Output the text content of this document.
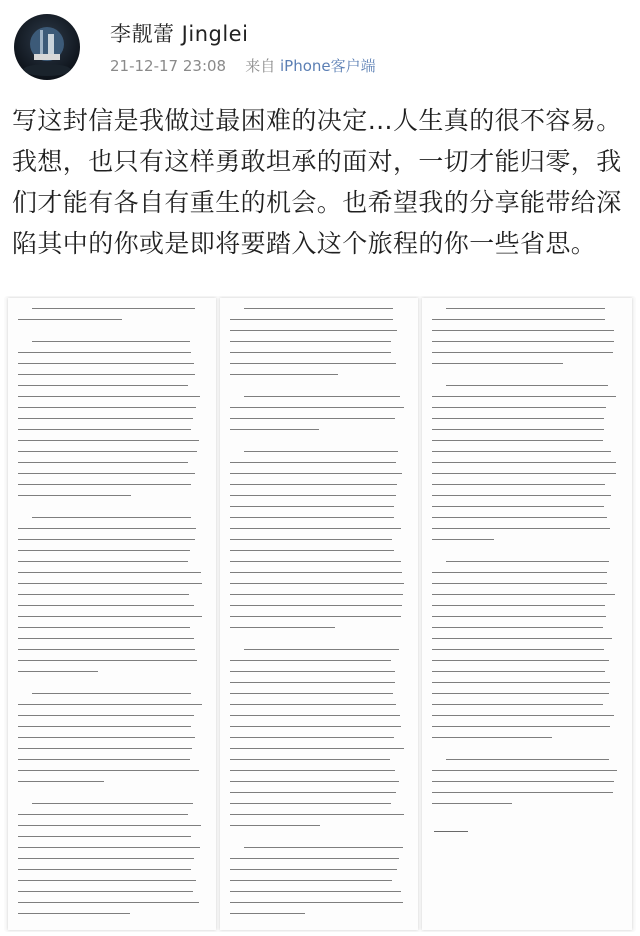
李靓蕾 Jinglei
21-12-17 23:08 来自 iPhone客户端

写这封信是我做过最困难的决定…人生真的很不容易。我想，也只有这样勇敢坦承的面对，一切才能归零，我们才能有各自有重生的机会。也希望我的分享能带给深陷其中的你或是即将要踏入这个旅程的你一些省思。
